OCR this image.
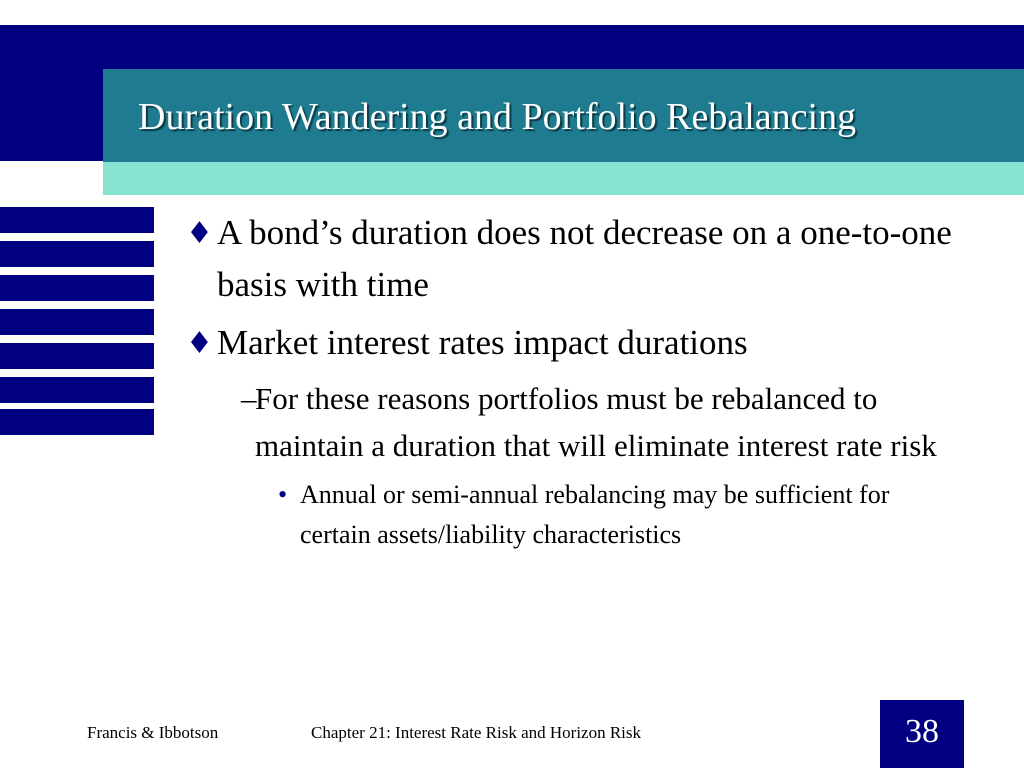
Duration Wandering and Portfolio Rebalancing
♦ A bond’s duration does not decrease on a one-to-one basis with time
♦ Market interest rates impact durations
–
For these reasons portfolios must be rebalanced to maintain a duration that will eliminate interest rate risk
• Annual or semi-annual rebalancing may be sufficient for certain assets/liability characteristics
Francis & Ibbotson	Chapter 21: Interest Rate Risk and Horizon Risk	38
